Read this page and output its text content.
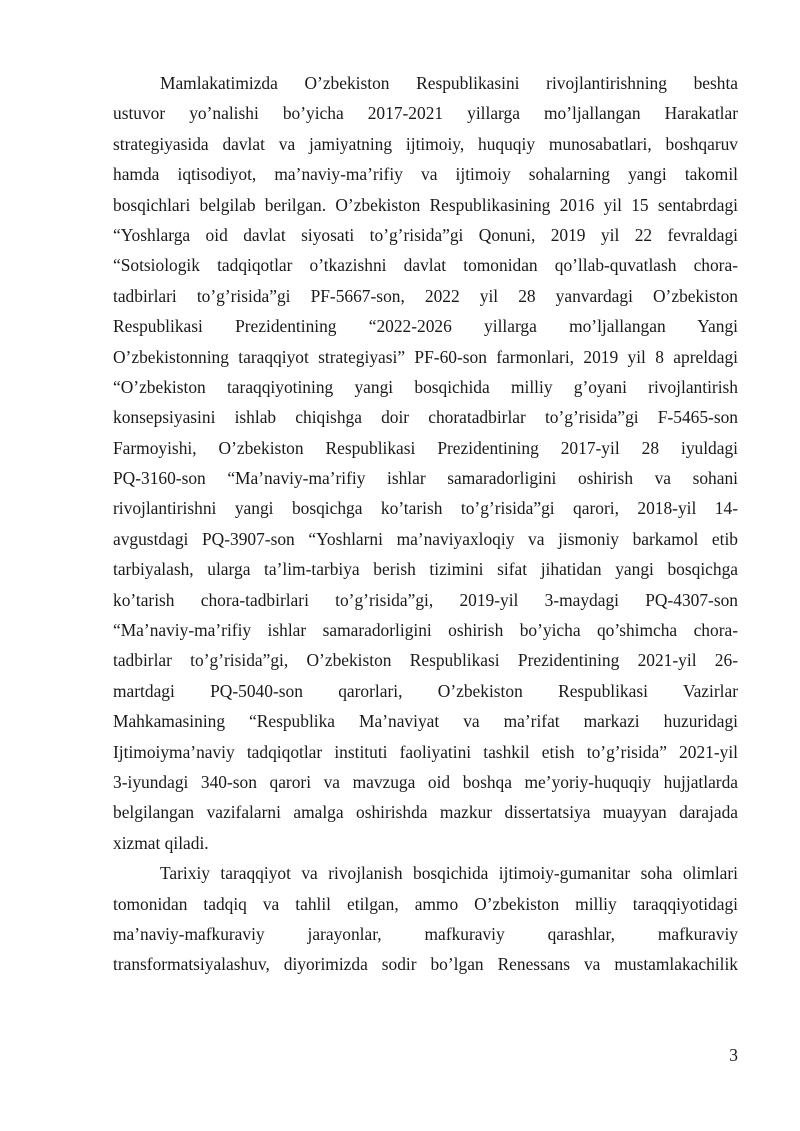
Mamlakatimizda O’zbekiston Respublikasini rivojlantirishning beshta
ustuvor yo’nalishi bo’yicha 2017-2021 yillarga mo’ljallangan Harakatlar
strategiyasida davlat va jamiyatning ijtimoiy, huquqiy munosabatlari, boshqaruv
hamda iqtisodiyot, ma’naviy-ma’rifiy va ijtimoiy sohalarning yangi takomil
bosqichlari belgilab berilgan. O’zbekiston Respublikasining 2016 yil 15 sentabrdagi
“Yoshlarga oid davlat siyosati to’g’risida”gi Qonuni, 2019 yil 22 fevraldagi
“Sotsiologik tadqiqotlar o’tkazishni davlat tomonidan qo’llab-quvatlash chora-
tadbirlari to’g’risida”gi PF-5667-son, 2022 yil 28 yanvardagi O’zbekiston
Respublikasi Prezidentining “2022-2026 yillarga mo’ljallangan Yangi
O’zbekistonning taraqqiyot strategiyasi” PF-60-son farmonlari, 2019 yil 8 apreldagi
“O’zbekiston taraqqiyotining yangi bosqichida milliy g’oyani rivojlantirish
konsepsiyasini ishlab chiqishga doir choratadbirlar to’g’risida”gi F-5465-son
Farmoyishi, O’zbekiston Respublikasi Prezidentining 2017-yil 28 iyuldagi
PQ-3160-son “Ma’naviy-ma’rifiy ishlar samaradorligini oshirish va sohani
rivojlantirishni yangi bosqichga ko’tarish to’g’risida”gi qarori, 2018-yil 14-
avgustdagi PQ-3907-son “Yoshlarni ma’naviyaxloqiy va jismoniy barkamol etib
tarbiyalash, ularga ta’lim-tarbiya berish tizimini sifat jihatidan yangi bosqichga
ko’tarish chora-tadbirlari to’g’risida”gi, 2019-yil 3-maydagi PQ-4307-son
“Ma’naviy-ma’rifiy ishlar samaradorligini oshirish bo’yicha qo’shimcha chora-
tadbirlar to’g’risida”gi, O’zbekiston Respublikasi Prezidentining 2021-yil 26-
martdagi PQ-5040-son qarorlari, O’zbekiston Respublikasi Vazirlar
Mahkamasining “Respublika Ma’naviyat va ma’rifat markazi huzuridagi
Ijtimoiyma’naviy tadqiqotlar instituti faoliyatini tashkil etish to’g’risida” 2021-yil
3-iyundagi 340-son qarori va mavzuga oid boshqa me’yoriy-huquqiy hujjatlarda
belgilangan vazifalarni amalga oshirishda mazkur dissertatsiya muayyan darajada
xizmat qiladi.
Tarixiy taraqqiyot va rivojlanish bosqichida ijtimoiy-gumanitar soha olimlari
tomonidan tadqiq va tahlil etilgan, ammo O’zbekiston milliy taraqqiyotidagi
ma’naviy-mafkuraviy jarayonlar, mafkuraviy qarashlar, mafkuraviy
transformatsiyalashuv, diyorimizda sodir bo’lgan Renessans va mustamlakachilik
3
